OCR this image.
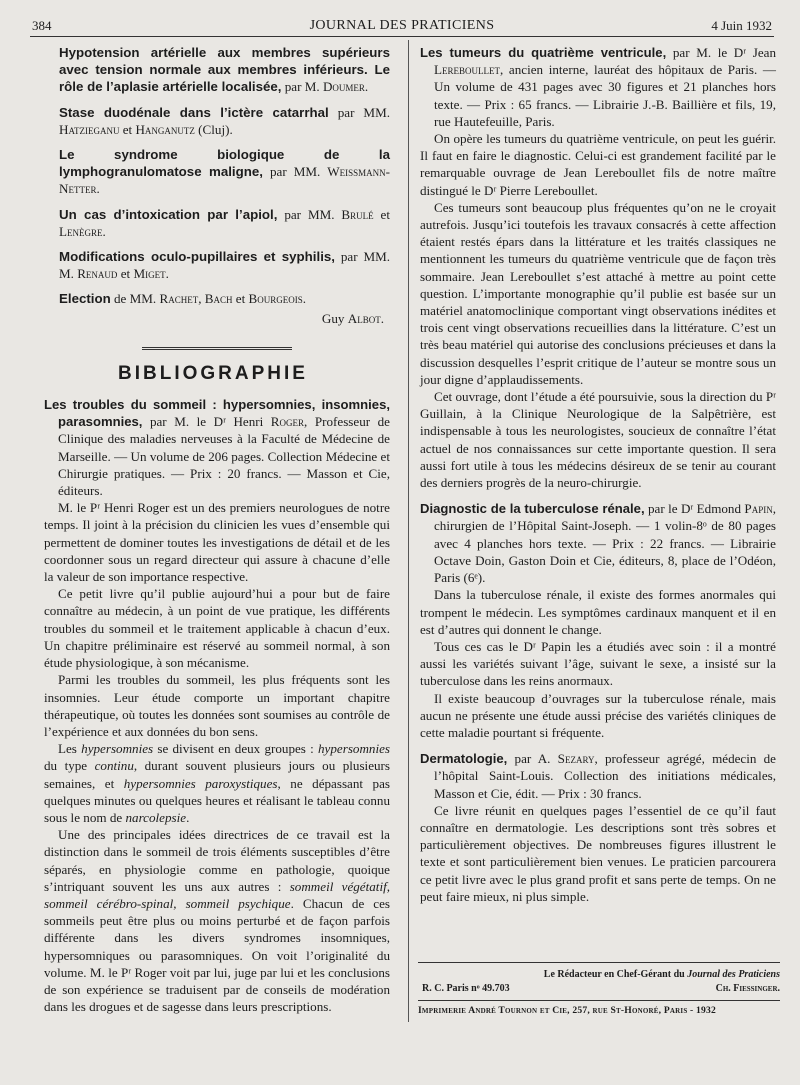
384	JOURNAL DES PRATICIENS	4 Juin 1932

Hypotension artérielle aux membres supérieurs avec tension normale aux membres inférieurs. Le rôle de l’aplasie artérielle localisée, par M. Doumer.

Stase duodénale dans l’ictère catarrhal par MM. Hatzieganu et Hanganutz (Cluj).

Le syndrome biologique de la lymphogranulomatose maligne, par MM. Weissmann-Netter.

Un cas d’intoxication par l’apiol, par MM. Brulé et Lenègre.

Modifications oculo-pupillaires et syphilis, par MM. M. Renaud et Miget.

Election de MM. Rachet, Bach et Bourgeois.

Guy Albot.

BIBLIOGRAPHIE

Les troubles du sommeil : hypersomnies, insomnies, parasomnies, par M. le Dʳ Henri Roger, Professeur de Clinique des maladies nerveuses à la Faculté de Médecine de Marseille. — Un volume de 206 pages. Collection Médecine et Chirurgie pratiques. — Prix : 20 francs. — Masson et Cie, éditeurs.

M. le Pʳ Henri Roger est un des premiers neurologues de notre temps. Il joint à la précision du clinicien les vues d’ensemble qui permettent de dominer toutes les investigations de détail et de les coordonner sous un regard directeur qui assure à chacune d’elle la valeur de son importance respective.

Ce petit livre qu’il publie aujourd’hui a pour but de faire connaître au médecin, à un point de vue pratique, les différents troubles du sommeil et le traitement applicable à chacun d’eux. Un chapitre préliminaire est réservé au sommeil normal, à son étude physiologique, à son mécanisme.

Parmi les troubles du sommeil, les plus fréquents sont les insomnies. Leur étude comporte un important chapitre thérapeutique, où toutes les données sont soumises au contrôle de l’expérience et aux données du bon sens.

Les hypersomnies se divisent en deux groupes : hypersomnies du type continu, durant souvent plusieurs jours ou plusieurs semaines, et hypersomnies paroxystiques, ne dépassant pas quelques minutes ou quelques heures et réalisant le tableau connu sous le nom de narcolepsie.

Une des principales idées directrices de ce travail est la distinction dans le sommeil de trois éléments susceptibles d’être séparés, en physiologie comme en pathologie, quoique s’intriquant souvent les uns aux autres : sommeil végétatif, sommeil cérébro-spinal, sommeil psychique. Chacun de ces sommeils peut être plus ou moins perturbé et de façon parfois différente dans les divers syndromes insomniques, hypersomniques ou parasomniques. On voit l’originalité du volume. M. le Pʳ Roger voit par lui, juge par lui et les conclusions de son expérience se traduisent par de conseils de modération dans les drogues et de sagesse dans leurs prescriptions.

Les tumeurs du quatrième ventricule, par M. le Dʳ Jean Lereboullet, ancien interne, lauréat des hôpitaux de Paris. — Un volume de 431 pages avec 30 figures et 21 planches hors texte. — Prix : 65 francs. — Librairie J.-B. Baillière et fils, 19, rue Hautefeuille, Paris.

On opère les tumeurs du quatrième ventricule, on peut les guérir. Il faut en faire le diagnostic. Celui-ci est grandement facilité par le remarquable ouvrage de Jean Lereboullet fils de notre maître distingué le Dʳ Pierre Lereboullet.

Ces tumeurs sont beaucoup plus fréquentes qu’on ne le croyait autrefois. Jusqu’ici toutefois les travaux consacrés à cette affection étaient restés épars dans la littérature et les traités classiques ne mentionnent les tumeurs du quatrième ventricule que de façon très sommaire. Jean Lereboullet s’est attaché à mettre au point cette question. L’importante monographie qu’il publie est basée sur un matériel anatomoclinique comportant vingt observations inédites et trois cent vingt observations recueillies dans la littérature. C’est un très beau matériel qui autorise des conclusions précieuses et dans la discussion desquelles l’esprit critique de l’auteur se montre sous un jour digne d’applaudissements.

Cet ouvrage, dont l’étude a été poursuivie, sous la direction du Pʳ Guillain, à la Clinique Neurologique de la Salpêtrière, est indispensable à tous les neurologistes, soucieux de connaître l’état actuel de nos connaissances sur cette importante question. Il sera aussi fort utile à tous les médecins désireux de se tenir au courant des derniers progrès de la neuro-chirurgie.

Diagnostic de la tuberculose rénale, par le Dʳ Edmond Papin, chirurgien de l’Hôpital Saint-Joseph. — 1 volin-8ᵒ de 80 pages avec 4 planches hors texte. — Prix : 22 francs. — Librairie Octave Doin, Gaston Doin et Cie, éditeurs, 8, place de l’Odéon, Paris (6ᵉ).

Dans la tuberculose rénale, il existe des formes anormales qui trompent le médecin. Les symptômes cardinaux manquent et il en est d’autres qui donnent le change.

Tous ces cas le Dʳ Papin les a étudiés avec soin : il a montré aussi les variétés suivant l’âge, suivant le sexe, a insisté sur la tuberculose dans les reins anormaux.

Il existe beaucoup d’ouvrages sur la tuberculose rénale, mais aucun ne présente une étude aussi précise des variétés cliniques de cette maladie pourtant si fréquente.

Dermatologie, par A. Sezary, professeur agrégé, médecin de l’hôpital Saint-Louis. Collection des initiations médicales, Masson et Cie, édit. — Prix : 30 francs.

Ce livre réunit en quelques pages l’essentiel de ce qu’il faut connaître en dermatologie. Les descriptions sont très sobres et particulièrement objectives. De nombreuses figures illustrent le texte et sont particulièrement bien venues. Le praticien parcourera ce petit livre avec le plus grand profit et sans perte de temps. On ne peut faire mieux, ni plus simple.

Le Rédacteur en Chef-Gérant du Journal des Praticiens
R. C. Paris nᵒ 49.703	Ch. Fiessinger.
Imprimerie André Tournon et Cie, 257, rue St-Honoré, Paris - 1932
